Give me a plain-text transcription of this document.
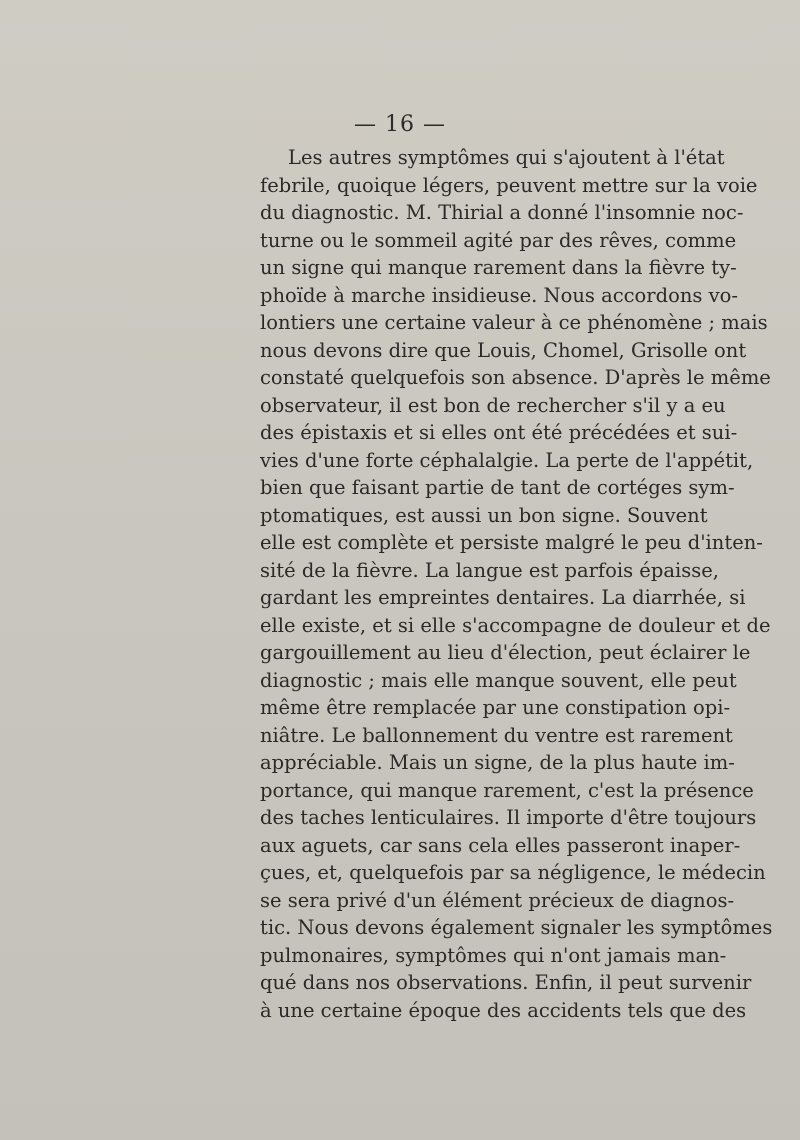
— 16 —
Les autres symptômes qui s'ajoutent à l'état
febrile, quoique légers, peuvent mettre sur la voie
du diagnostic. M. Thirial a donné l'insomnie noc-
turne ou le sommeil agité par des rêves, comme
un signe qui manque rarement dans la fièvre ty-
phoïde à marche insidieuse. Nous accordons vo-
lontiers une certaine valeur à ce phénomène ; mais
nous devons dire que Louis, Chomel, Grisolle ont
constaté quelquefois son absence. D'après le même
observateur, il est bon de rechercher s'il y a eu
des épistaxis et si elles ont été précédées et sui-
vies d'une forte céphalalgie. La perte de l'appétit,
bien que faisant partie de tant de cortéges sym-
ptomatiques, est aussi un bon signe. Souvent
elle est complète et persiste malgré le peu d'inten-
sité de la fièvre. La langue est parfois épaisse,
gardant les empreintes dentaires. La diarrhée, si
elle existe, et si elle s'accompagne de douleur et de
gargouillement au lieu d'élection, peut éclairer le
diagnostic ; mais elle manque souvent, elle peut
même être remplacée par une constipation opi-
niâtre. Le ballonnement du ventre est rarement
appréciable. Mais un signe, de la plus haute im-
portance, qui manque rarement, c'est la présence
des taches lenticulaires. Il importe d'être toujours
aux aguets, car sans cela elles passeront inaper-
çues, et, quelquefois par sa négligence, le médecin
se sera privé d'un élément précieux de diagnos-
tic. Nous devons également signaler les symptômes
pulmonaires, symptômes qui n'ont jamais man-
qué dans nos observations. Enfin, il peut survenir
à une certaine époque des accidents tels que des
